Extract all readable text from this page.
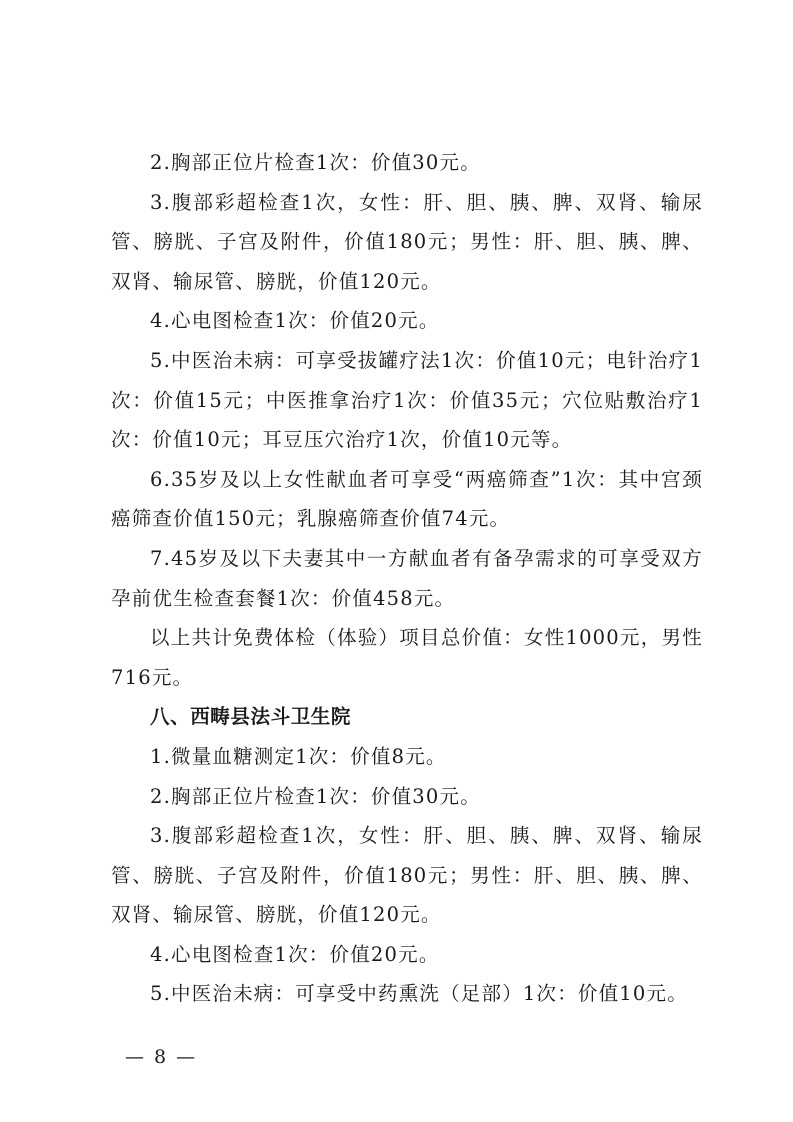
2.胸部正位片检查1次：价值30元。

3.腹部彩超检查1次，女性：肝、胆、胰、脾、双肾、输尿管、膀胱、子宫及附件，价值180元；男性：肝、胆、胰、脾、双肾、输尿管、膀胱，价值120元。

4.心电图检查1次：价值20元。

5.中医治未病：可享受拔罐疗法1次：价值10元；电针治疗1次：价值15元；中医推拿治疗1次：价值35元；穴位贴敷治疗1次：价值10元；耳豆压穴治疗1次，价值10元等。

6.35岁及以上女性献血者可享受“两癌筛查”1次：其中宫颈癌筛查价值150元；乳腺癌筛查价值74元。

7.45岁及以下夫妻其中一方献血者有备孕需求的可享受双方孕前优生检查套餐1次：价值458元。

以上共计免费体检（体验）项目总价值：女性1000元，男性716元。

八、西畴县法斗卫生院

1.微量血糖测定1次：价值8元。

2.胸部正位片检查1次：价值30元。

3.腹部彩超检查1次，女性：肝、胆、胰、脾、双肾、输尿管、膀胱、子宫及附件，价值180元；男性：肝、胆、胰、脾、双肾、输尿管、膀胱，价值120元。

4.心电图检查1次：价值20元。

5.中医治未病：可享受中药熏洗（足部）1次：价值10元。

— 8 —
